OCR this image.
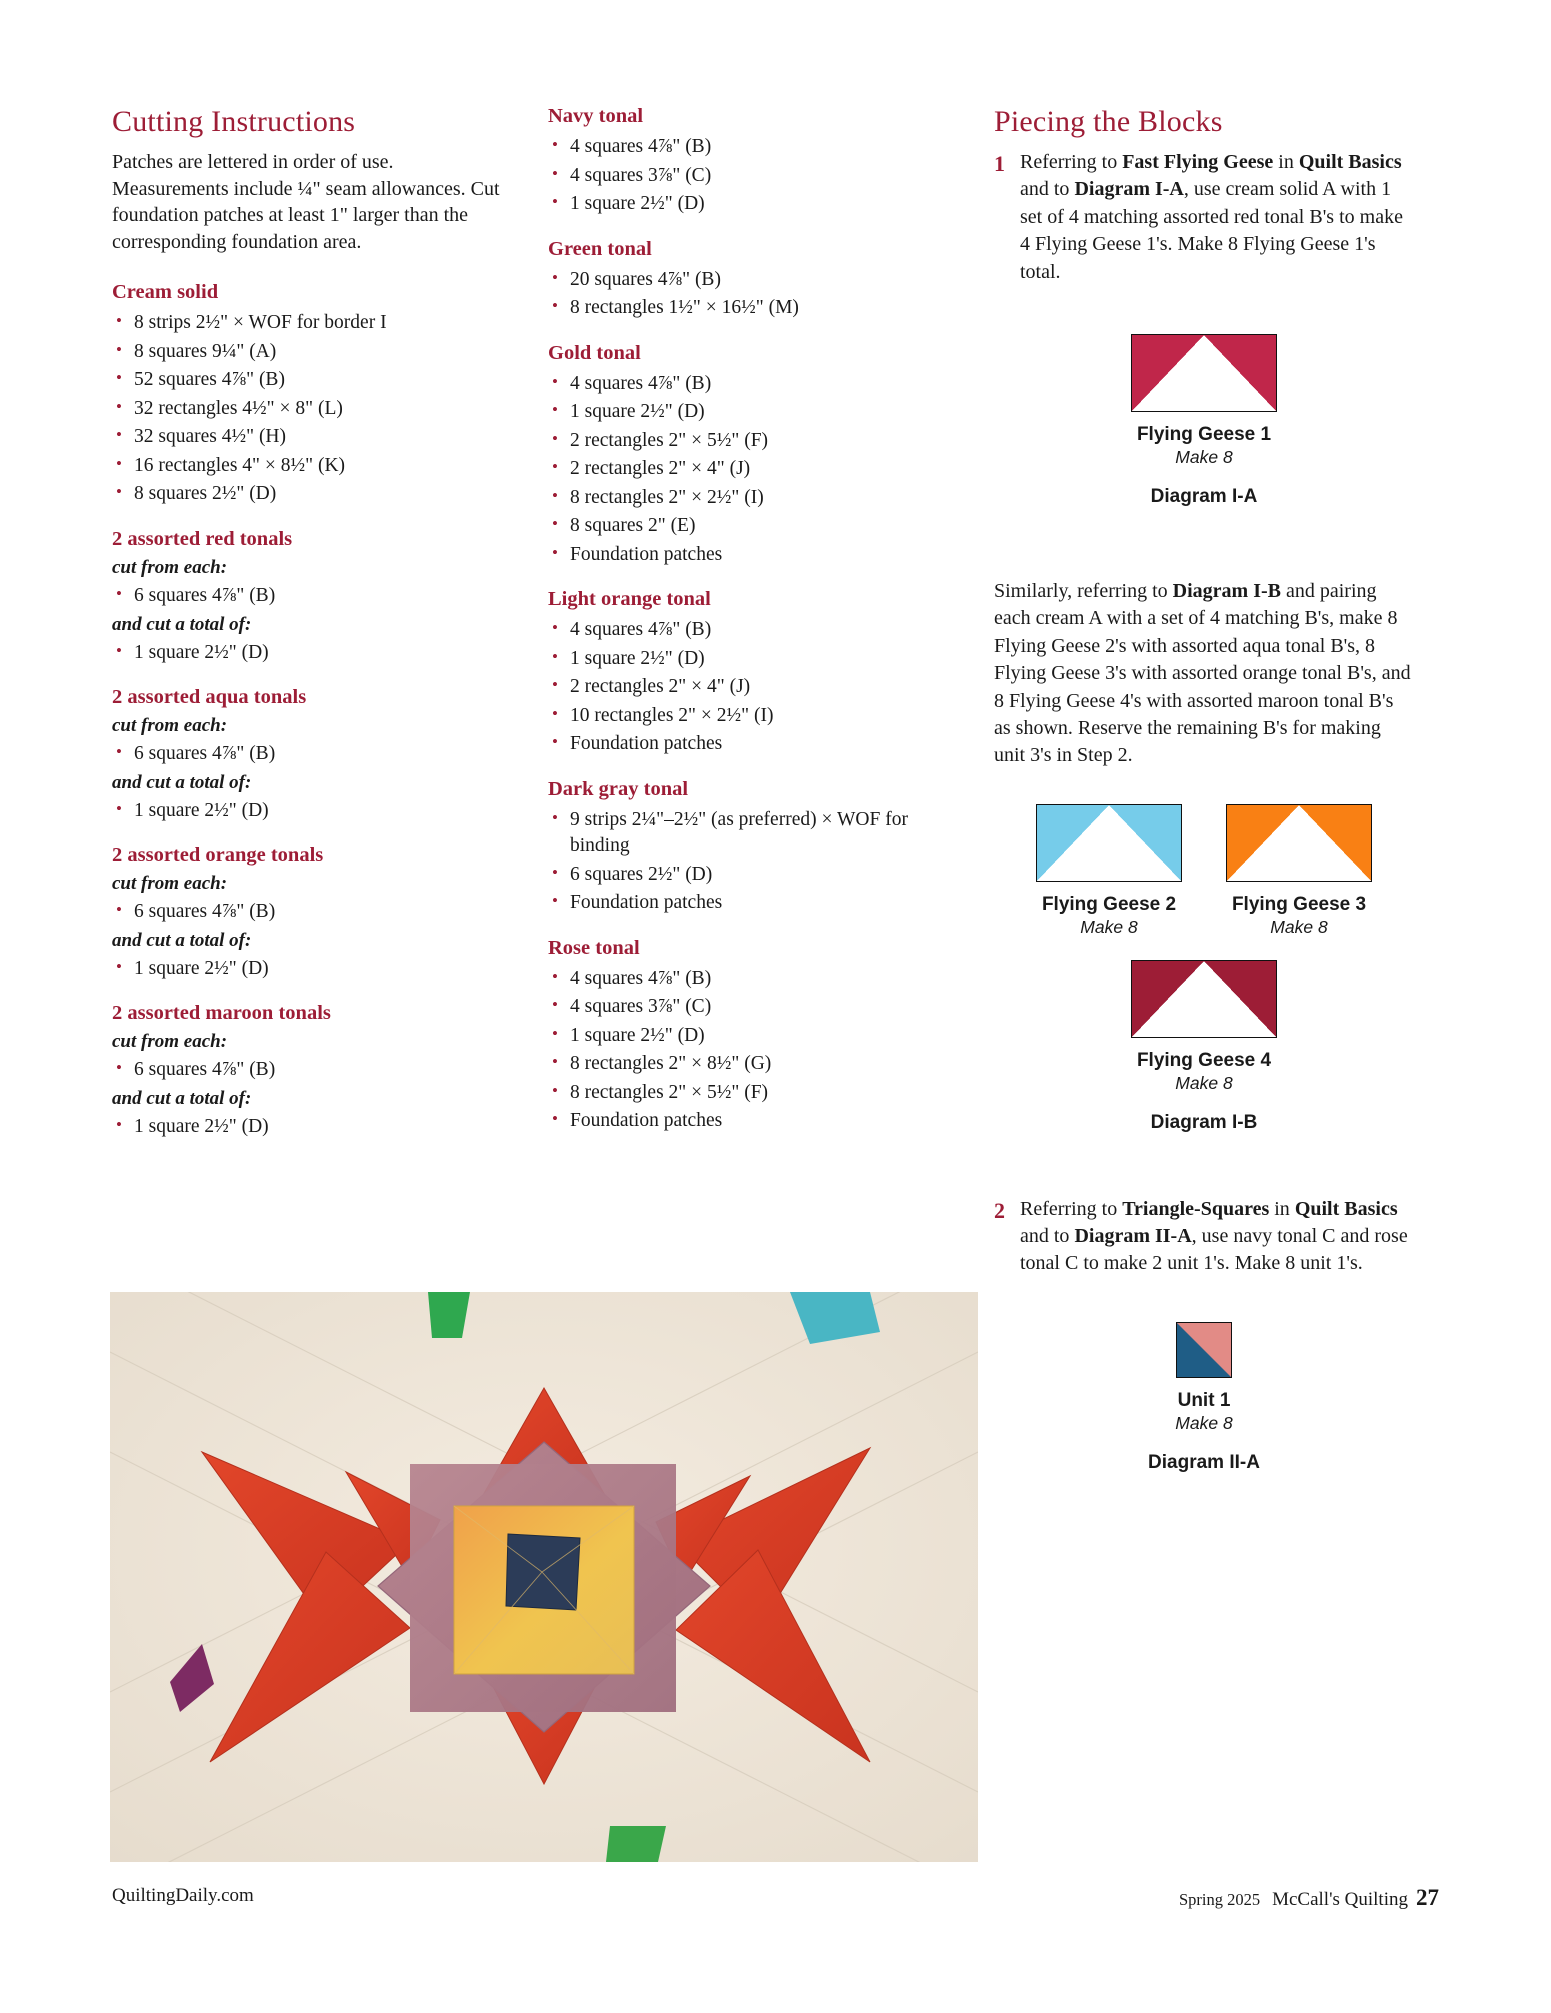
Cutting Instructions

Patches are lettered in order of use. Measurements include ¼" seam allowances. Cut foundation patches at least 1" larger than the corresponding foundation area.

Cream solid
• 8 strips 2½" × WOF for border I
• 8 squares 9¼" (A)
• 52 squares 4⅞" (B)
• 32 rectangles 4½" × 8" (L)
• 32 squares 4½" (H)
• 16 rectangles 4" × 8½" (K)
• 8 squares 2½" (D)
2 assorted red tonals
cut from each:
• 6 squares 4⅞" (B)
and cut a total of:
• 1 square 2½" (D)
2 assorted aqua tonals
cut from each:
• 6 squares 4⅞" (B)
and cut a total of:
• 1 square 2½" (D)
2 assorted orange tonals
cut from each:
• 6 squares 4⅞" (B)
and cut a total of:
• 1 square 2½" (D)
2 assorted maroon tonals
cut from each:
• 6 squares 4⅞" (B)
and cut a total of:
• 1 square 2½" (D)
Navy tonal
• 4 squares 4⅞" (B)
• 4 squares 3⅞" (C)
• 1 square 2½" (D)
Green tonal
• 20 squares 4⅞" (B)
• 8 rectangles 1½" × 16½" (M)
Gold tonal
• 4 squares 4⅞" (B)
• 1 square 2½" (D)
• 2 rectangles 2" × 5½" (F)
• 2 rectangles 2" × 4" (J)
• 8 rectangles 2" × 2½" (I)
• 8 squares 2" (E)
• Foundation patches
Light orange tonal
• 4 squares 4⅞" (B)
• 1 square 2½" (D)
• 2 rectangles 2" × 4" (J)
• 10 rectangles 2" × 2½" (I)
• Foundation patches
Dark gray tonal
• 9 strips 2¼"–2½" (as preferred) × WOF for binding
• 6 squares 2½" (D)
• Foundation patches
Rose tonal
• 4 squares 4⅞" (B)
• 4 squares 3⅞" (C)
• 1 square 2½" (D)
• 8 rectangles 2" × 8½" (G)
• 8 rectangles 2" × 5½" (F)
• Foundation patches
Piecing the Blocks
1 Referring to Fast Flying Geese in Quilt Basics and to Diagram I-A, use cream solid A with 1 set of 4 matching assorted red tonal B's to make 4 Flying Geese 1's. Make 8 Flying Geese 1's total.
Flying Geese 1
Make 8
Diagram I-A
Similarly, referring to Diagram I-B and pairing each cream A with a set of 4 matching B's, make 8 Flying Geese 2's with assorted aqua tonal B's, 8 Flying Geese 3's with assorted orange tonal B's, and 8 Flying Geese 4's with assorted maroon tonal B's as shown. Reserve the remaining B's for making unit 3's in Step 2.
Flying Geese 2
Make 8
Flying Geese 3
Make 8
Flying Geese 4
Make 8
Diagram I-B
2 Referring to Triangle-Squares in Quilt Basics and to Diagram II-A, use navy tonal C and rose tonal C to make 2 unit 1's. Make 8 unit 1's.
Unit 1
Make 8
Diagram II-A
QuiltingDaily.com	Spring 2025 McCall's Quilting 27
